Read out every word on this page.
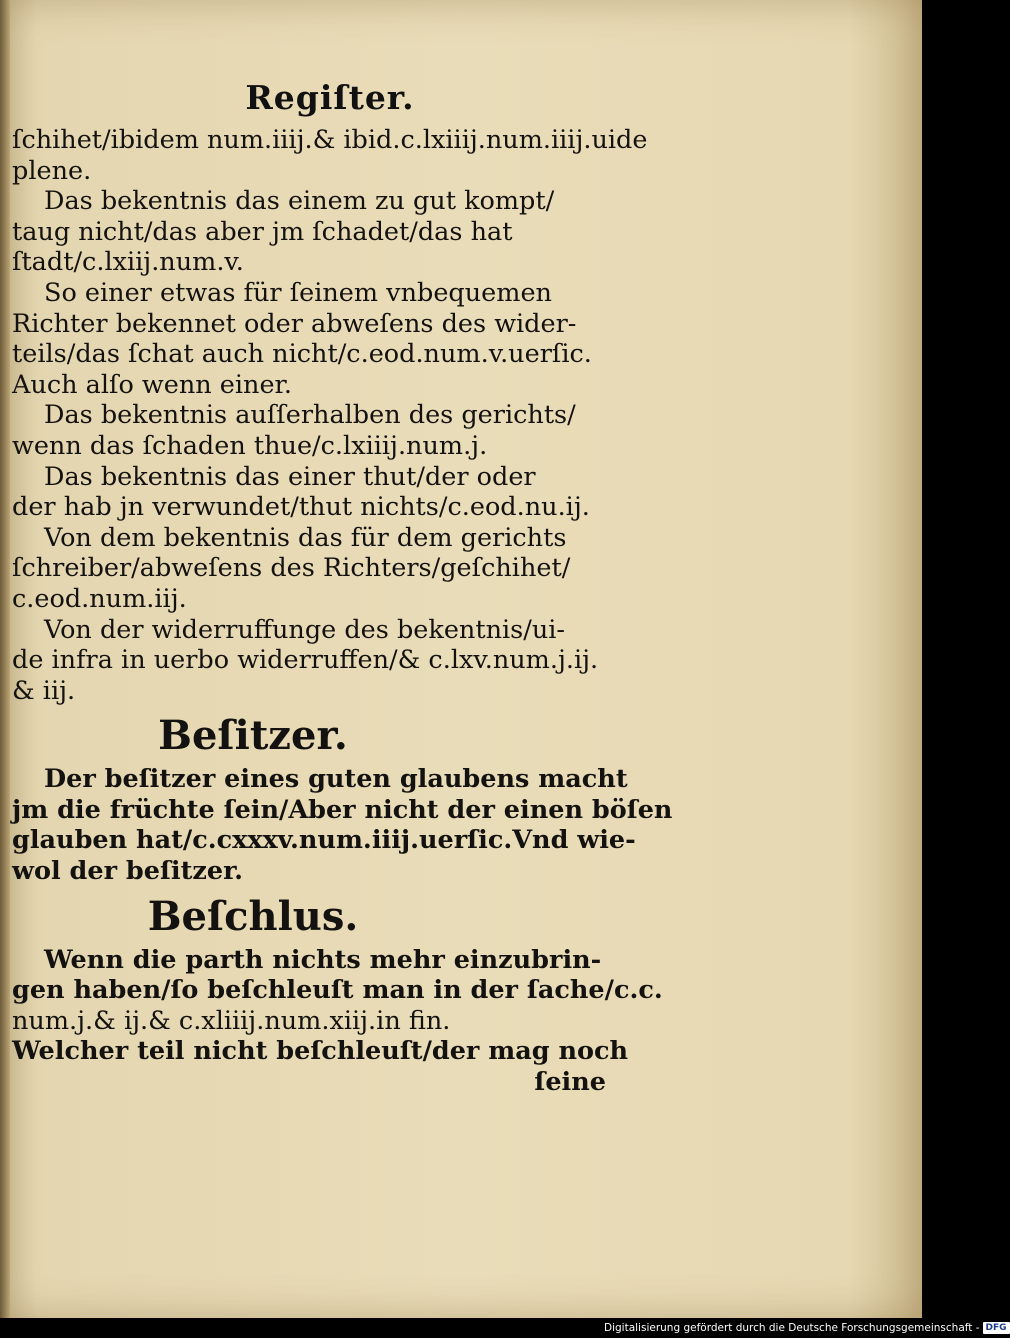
Regiſter.
ſchihet/ibidem num.iiij.& ibid.c.lxiiij.num.iiij.uide
plene.
Das bekentnis das einem zu gut kompt/
taug nicht/das aber jm ſchadet/das hat
ſtadt/c.lxiij.num.v.
So einer etwas für ſeinem vnbequemen
Richter bekennet oder abweſens des wider-
teils/das ſchat auch nicht/c.eod.num.v.uerſic.
Auch alſo wenn einer.
Das bekentnis auſſerhalben des gerichts/
wenn das ſchaden thue/c.lxiiij.num.j.
Das bekentnis das einer thut/der oder
der hab jn verwundet/thut nichts/c.eod.nu.ij.
Von dem bekentnis das für dem gerichts
ſchreiber/abweſens des Richters/geſchihet/
c.eod.num.iij.
Von der widerruffunge des bekentnis/ui-
de infra in uerbo widerruffen/& c.lxv.num.j.ij.
& iij.
Beſitzer.
Der beſitzer eines guten glaubens macht
jm die früchte ſein/Aber nicht der einen böſen
glauben hat/c.cxxxv.num.iiij.uerſic.Vnd wie-
wol der beſitzer.
Beſchlus.
Wenn die parth nichts mehr einzubrin-
gen haben/ſo beſchleuſt man in der ſache/c.c.
num.j.& ij.& c.xliiij.num.xiij.in fin.
Welcher teil nicht beſchleuſt/der mag noch
ſeine
Digitalisierung gefördert durch die Deutsche Forschungsgemeinschaft - DFG
